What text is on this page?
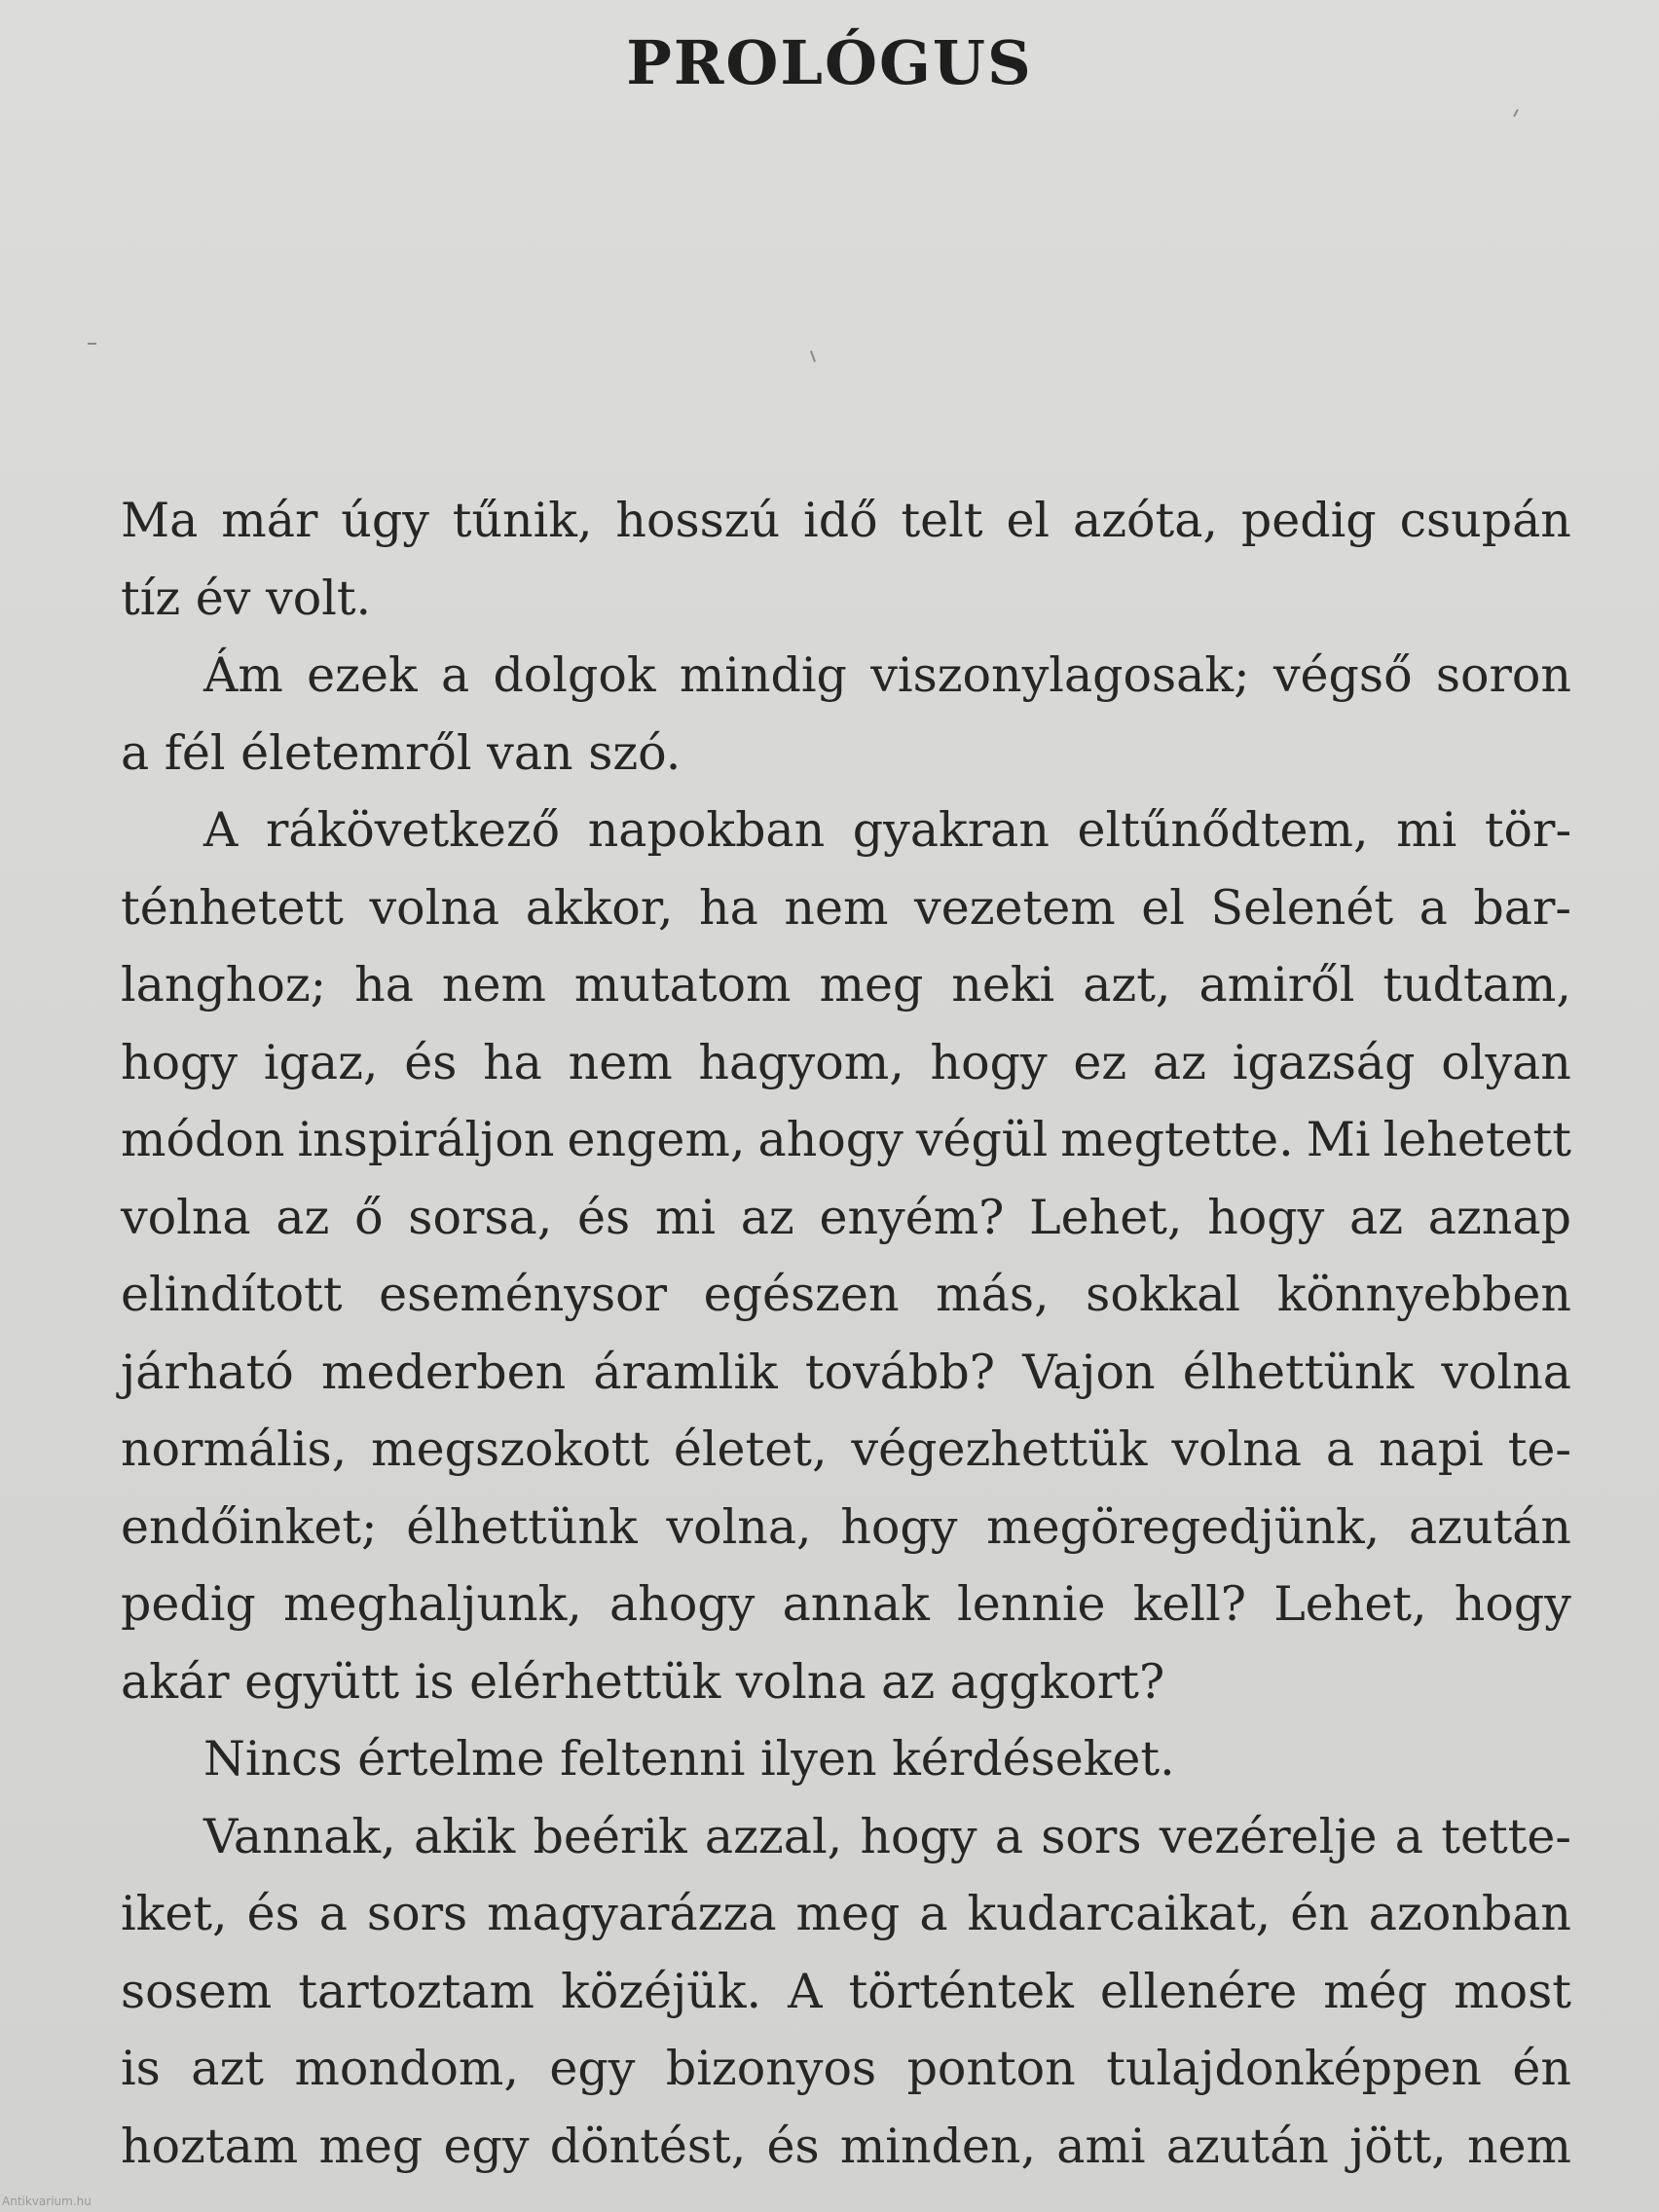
PROLÓGUS
Ma már úgy tűnik, hosszú idő telt el azóta, pedig csupán
tíz év volt.
Ám ezek a dolgok mindig viszonylagosak; végső soron
a fél életemről van szó.
A rákövetkező napokban gyakran eltűnődtem, mi tör-
ténhetett volna akkor, ha nem vezetem el Selenét a bar-
langhoz; ha nem mutatom meg neki azt, amiről tudtam,
hogy igaz, és ha nem hagyom, hogy ez az igazság olyan
módon inspiráljon engem, ahogy végül megtette. Mi lehetett
volna az ő sorsa, és mi az enyém? Lehet, hogy az aznap
elindított eseménysor egészen más, sokkal könnyebben
járható mederben áramlik tovább? Vajon élhettünk volna
normális, megszokott életet, végezhettük volna a napi te-
endőinket; élhettünk volna, hogy megöregedjünk, azután
pedig meghaljunk, ahogy annak lennie kell? Lehet, hogy
akár együtt is elérhettük volna az aggkort?
Nincs értelme feltenni ilyen kérdéseket.
Vannak, akik beérik azzal, hogy a sors vezérelje a tette-
iket, és a sors magyarázza meg a kudarcaikat, én azonban
sosem tartoztam közéjük. A történtek ellenére még most
is azt mondom, egy bizonyos ponton tulajdonképpen én
hoztam meg egy döntést, és minden, ami azután jött, nem
Antikvarium.hu
